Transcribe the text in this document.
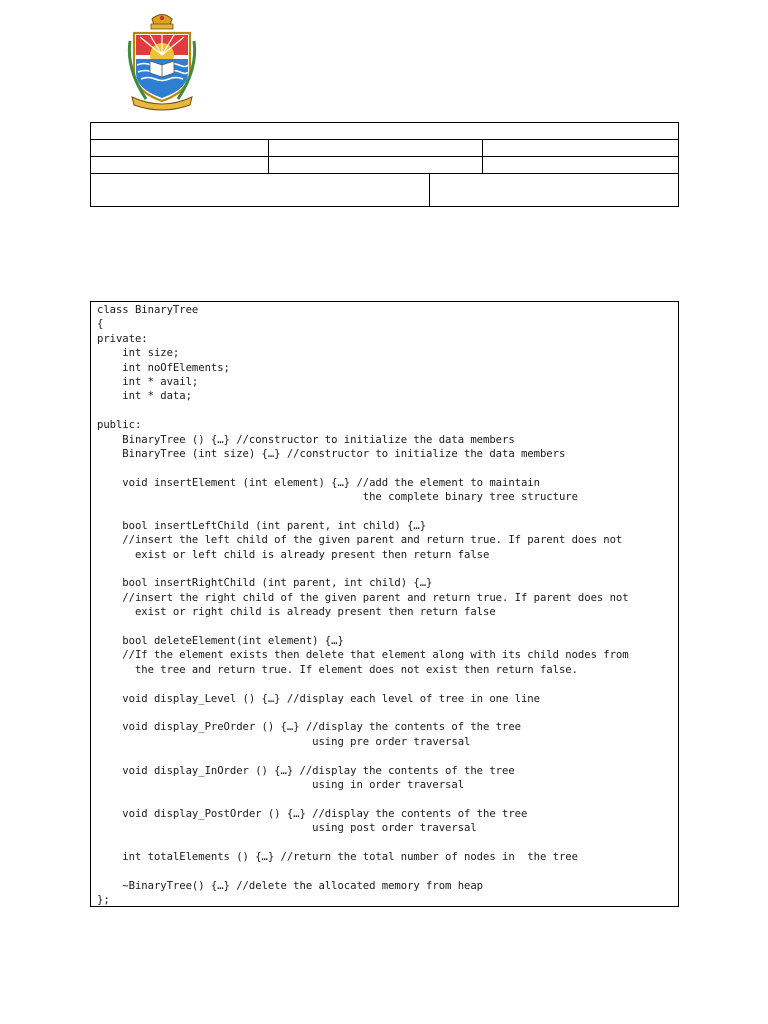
class BinaryTree
{
private:
int size;
int noOfElements;
int * avail;
int * data;
public:
BinaryTree () {…} //constructor to initialize the data members
BinaryTree (int size) {…} //constructor to initialize the data members
void insertElement (int element) {…} //add the element to maintain
the complete binary tree structure
bool insertLeftChild (int parent, int child) {…}
//insert the left child of the given parent and return true. If parent does not
exist or left child is already present then return false
bool insertRightChild (int parent, int child) {…}
//insert the right child of the given parent and return true. If parent does not
exist or right child is already present then return false
bool deleteElement(int element) {…}
//If the element exists then delete that element along with its child nodes from
the tree and return true. If element does not exist then return false.
void display_Level () {…} //display each level of tree in one line
void display_PreOrder () {…} //display the contents of the tree
using pre order traversal
void display_InOrder () {…} //display the contents of the tree
using in order traversal
void display_PostOrder () {…} //display the contents of the tree
using post order traversal
int totalElements () {…} //return the total number of nodes in  the tree
~BinaryTree() {…} //delete the allocated memory from heap
};
